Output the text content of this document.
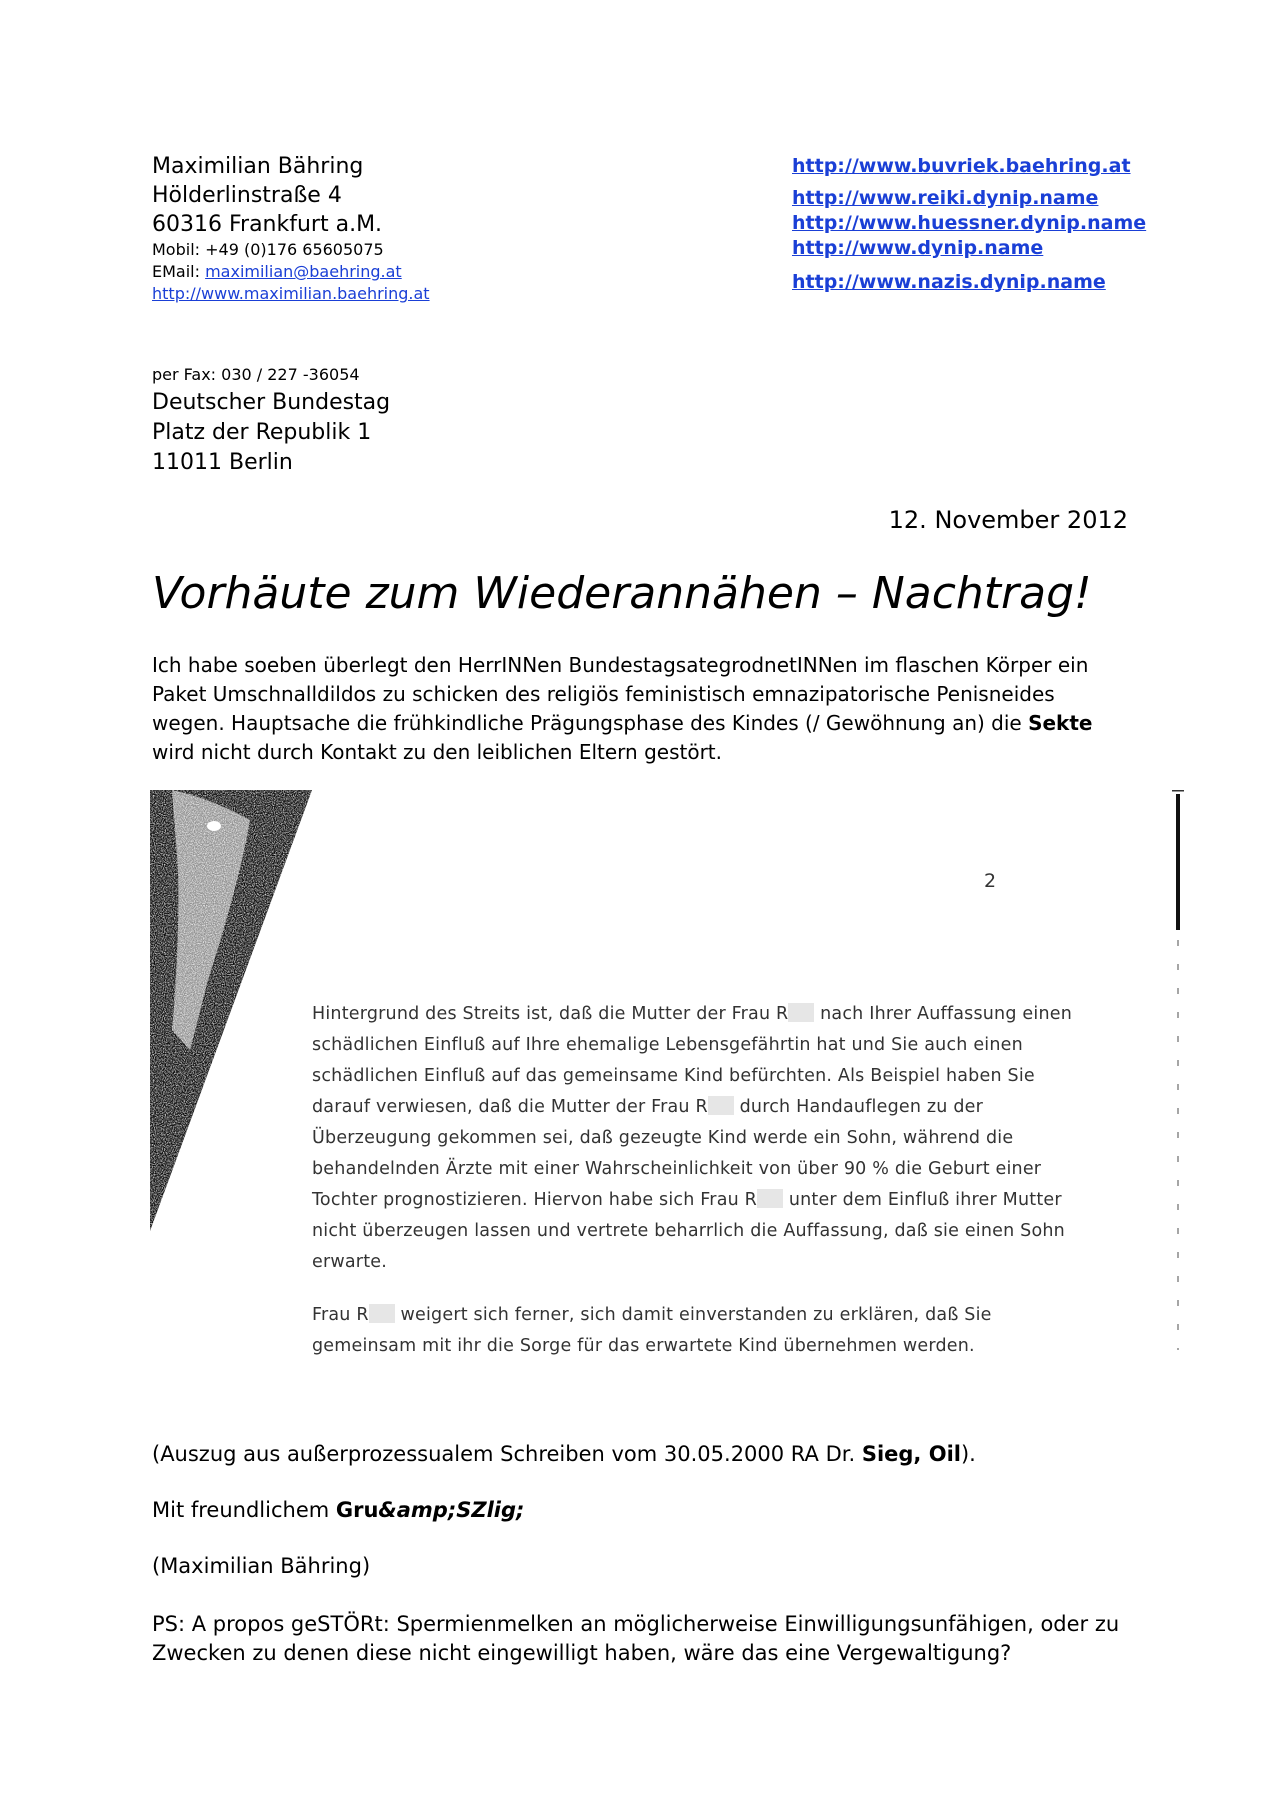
Maximilian Bähring
Hölderlinstraße 4
60316 Frankfurt a.M.
Mobil: +49 (0)176 65605075
EMail: maximilian@baehring.at
http://www.maximilian.baehring.at
http://www.buvriek.baehring.at
http://www.reiki.dynip.name
http://www.huessner.dynip.name
http://www.dynip.name
http://www.nazis.dynip.name
per Fax: 030 / 227 -36054
Deutscher Bundestag
Platz der Republik 1
11011 Berlin
12. November 2012
Vorhäute zum Wiederannähen – Nachtrag!
Ich habe soeben überlegt den HerrINNen BundestagsategrodnetINNen im flaschen Körper ein Paket Umschnalldildos zu schicken des religiös feministisch emnazipatorische Penisneides wegen. Hauptsache die frühkindliche Prägungsphase des Kindes (/ Gewöhnung an) die Sekte wird nicht durch Kontakt zu den leiblichen Eltern gestört.
2

Hintergrund des Streits ist, daß die Mutter der Frau R nach Ihrer Auffassung einen schädlichen Einfluß auf Ihre ehemalige Lebensgefährtin hat und Sie auch einen schädlichen Einfluß auf das gemeinsame Kind befürchten. Als Beispiel haben Sie darauf verwiesen, daß die Mutter der Frau R durch Handauflegen zu der Überzeugung gekommen sei, daß gezeugte Kind werde ein Sohn, während die behandelnden Ärzte mit einer Wahrscheinlichkeit von über 90 % die Geburt einer Tochter prognostizieren. Hiervon habe sich Frau R unter dem Einfluß ihrer Mutter nicht überzeugen lassen und vertrete beharrlich die Auffassung, daß sie einen Sohn erwarte.

Frau R weigert sich ferner, sich damit einverstanden zu erklären, daß Sie gemeinsam mit ihr die Sorge für das erwartete Kind übernehmen werden.

(Auszug aus außerprozessualem Schreiben vom 30.05.2000 RA Dr. Sieg, Oil).
Mit freundlichem Gru&amp;SZlig;
(Maximilian Bähring)
PS: A propos geSTÖRt: Spermienmelken an möglicherweise Einwilligungsunfähigen, oder zu Zwecken zu denen diese nicht eingewilligt haben, wäre das eine Vergewaltigung?
